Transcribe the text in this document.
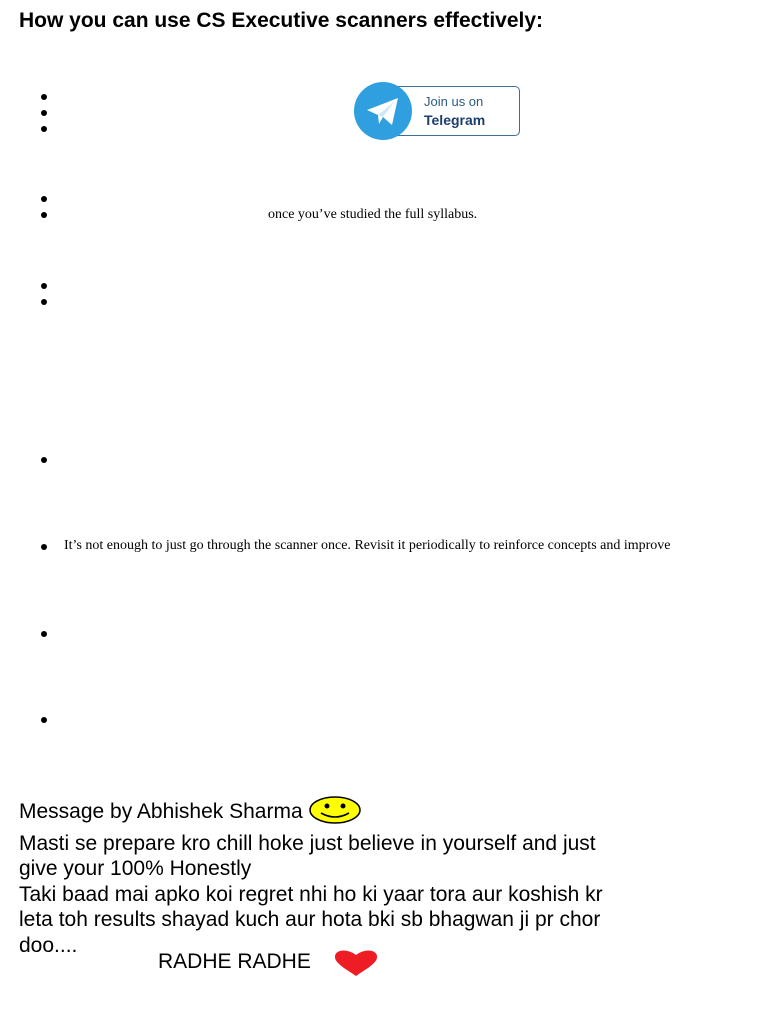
How you can use CS Executive scanners effectively:
Join us on
Telegram
once you’ve studied the full syllabus.
It’s not enough to just go through the scanner once. Revisit it periodically to reinforce concepts and improve
Message by Abhishek Sharma
Masti se prepare kro chill hoke just believe in yourself and just
give your 100% Honestly
Taki baad mai apko koi regret nhi ho ki yaar tora aur koshish kr
leta toh results shayad kuch aur hota bki sb bhagwan ji pr chor
doo....
RADHE RADHE
